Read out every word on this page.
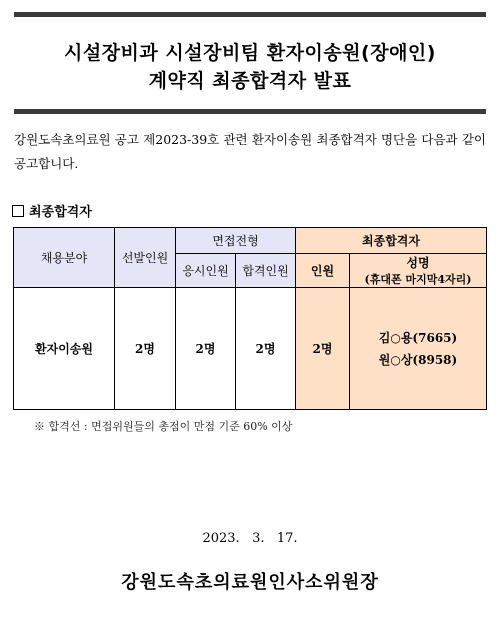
시설장비과 시설장비팀 환자이송원(장애인)
계약직 최종합격자 발표
강원도속초의료원 공고 제2023-39호 관련 환자이송원 최종합격자 명단을 다음과 같이 공고합니다.
최종합격자
채용분야	선발인원	면접전형		최종합격자	
		응시인원	합격인원	인원	성명
(휴대폰 마지막4자리)

환자이송원	2명	2명	2명	2명	김○용(7665)
원○상(8958)
※ 합격선 : 면접위원들의 총점이 만점 기준 60% 이상
2023.   3.   17.
강원도속초의료원인사소위원장
